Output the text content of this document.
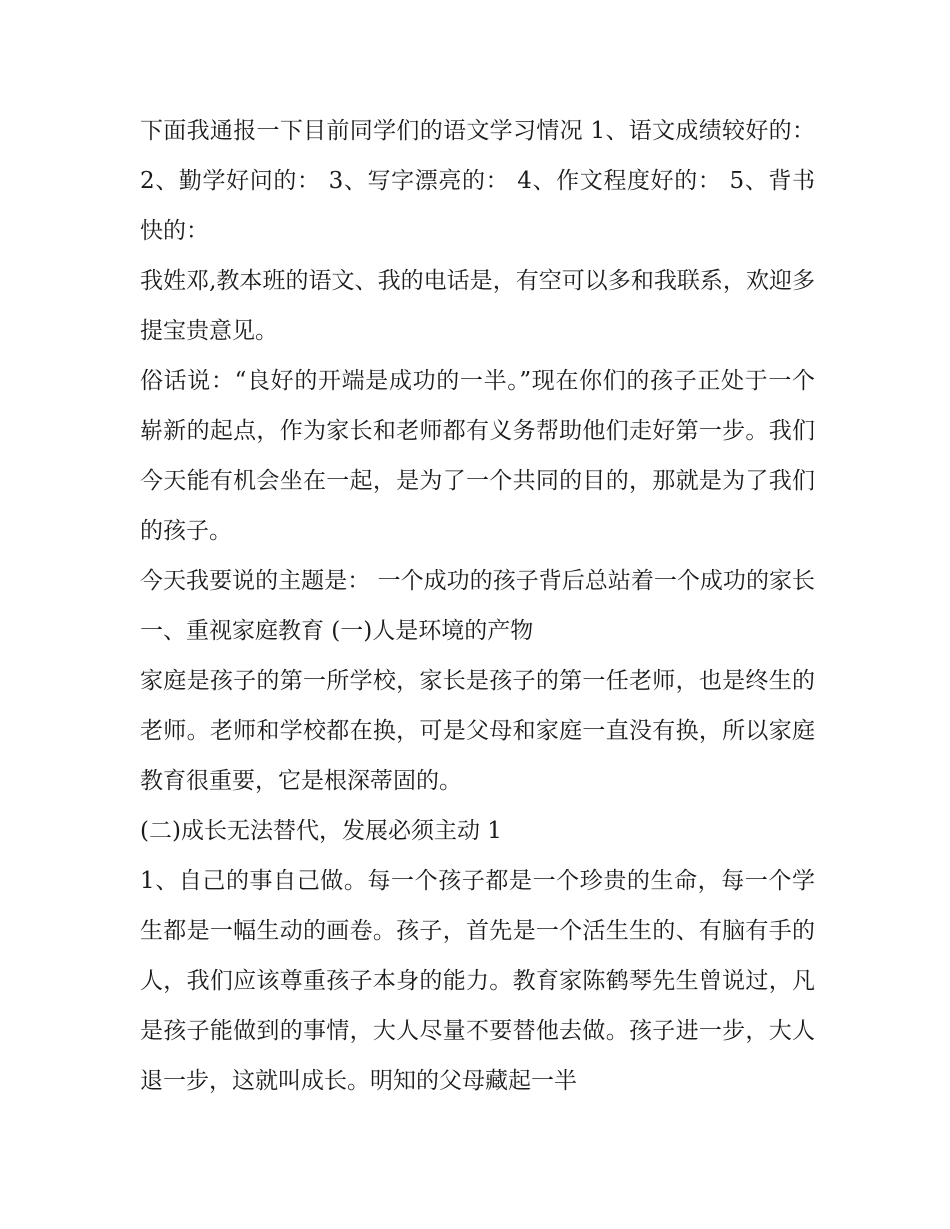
下面我通报一下目前同学们的语文学习情况 1、语文成绩较好的： 2、勤学好问的： 3、写字漂亮的： 4、作文程度好的： 5、背书快的：

我姓邓,教本班的语文、我的电话是，有空可以多和我联系，欢迎多提宝贵意见。

俗话说：“良好的开端是成功的一半。”现在你们的孩子正处于一个崭新的起点，作为家长和老师都有义务帮助他们走好第一步。我们今天能有机会坐在一起，是为了一个共同的目的，那就是为了我们的孩子。

今天我要说的主题是： 一个成功的孩子背后总站着一个成功的家长 一、重视家庭教育 (一)人是环境的产物

家庭是孩子的第一所学校，家长是孩子的第一任老师，也是终生的老师。老师和学校都在换，可是父母和家庭一直没有换，所以家庭教育很重要，它是根深蒂固的。

(二)成长无法替代，发展必须主动 1

1、自己的事自己做。每一个孩子都是一个珍贵的生命，每一个学生都是一幅生动的画卷。孩子，首先是一个活生生的、有脑有手的人，我们应该尊重孩子本身的能力。教育家陈鹤琴先生曾说过，凡是孩子能做到的事情，大人尽量不要替他去做。孩子进一步，大人退一步，这就叫成长。明知的父母藏起一半
